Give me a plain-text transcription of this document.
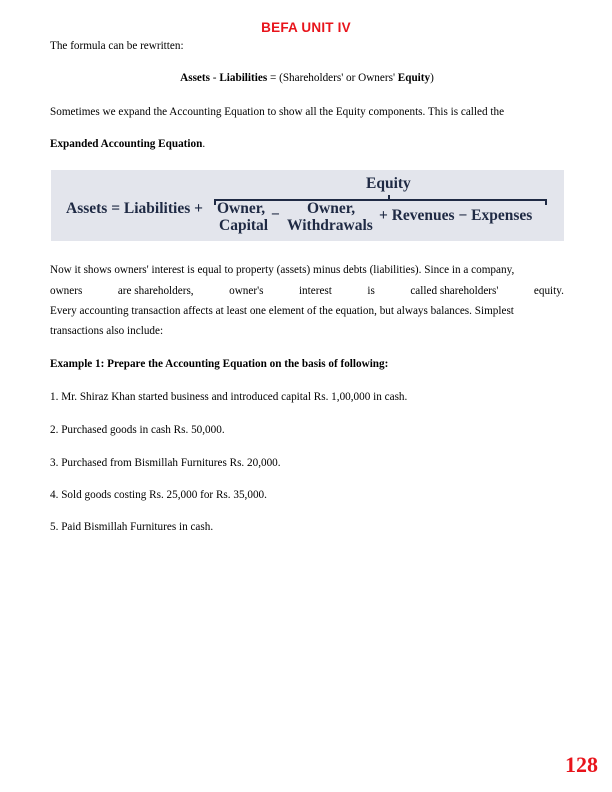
BEFA UNIT IV
The formula can be rewritten:
Assets - Liabilities = (Shareholders' or Owners' Equity)
Sometimes we expand the Accounting Equation to show all the Equity components. This is called the
Expanded Accounting Equation.
Equity
Assets = Liabilities + Owner,
Capital
− Owner,
Withdrawals
+ Revenues − Expenses
Now it shows owners' interest is equal to property (assets) minus debts (liabilities). Since in a company,
owners	are shareholders,	owner's	interest	is	called shareholders'	equity.
Every accounting transaction affects at least one element of the equation, but always balances. Simplest
transactions also include:
Example 1: Prepare the Accounting Equation on the basis of following:
1. Mr. Shiraz Khan started business and introduced capital Rs. 1,00,000 in cash.
2. Purchased goods in cash Rs. 50,000.
3. Purchased from Bismillah Furnitures Rs. 20,000.
4. Sold goods costing Rs. 25,000 for Rs. 35,000.
5. Paid Bismillah Furnitures in cash.
128
